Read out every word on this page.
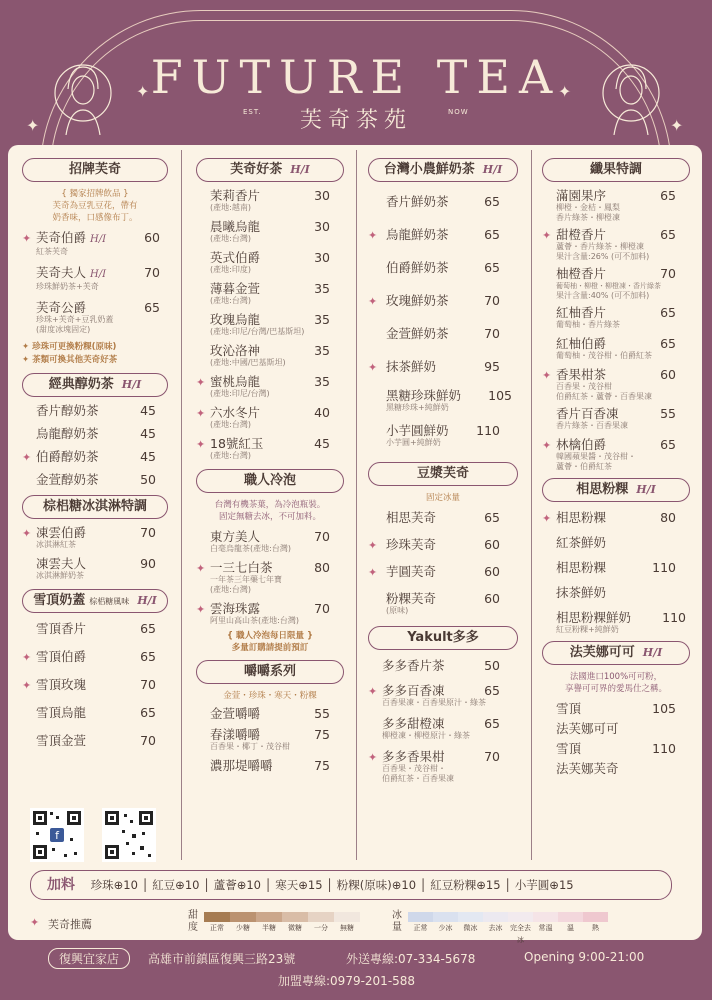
FUTURE TEA
芙奇茶苑
EST.	NOW
✦
✦
✦
✦
招牌芙奇
{ 獨家招牌飲品 }
芙奇為豆乳豆花，帶有
奶香味，口感像布丁。
✦ 芙奇伯爵 H/I	60
紅茶芙奇
芙奇夫人 H/I	70
珍珠鮮奶茶+芙奇
芙奇公爵	65
珍珠+芙奇+豆乳奶蓋
(甜度冰塊固定)
✦ 珍珠可更換粉粿(原味)
✦ 茶類可換其他芙奇好茶
經典醇奶茶 H/I
香片醇奶茶	45
烏龍醇奶茶	45
✦ 伯爵醇奶茶	45
金萱醇奶茶	50
棕梠糖冰淇淋特調
✦ 凍雲伯爵	70
冰淇淋紅茶
凍雲夫人	90
冰淇淋鮮奶茶
雪頂奶蓋 棕梠糖風味 H/I
雪頂香片	65
✦ 雪頂伯爵	65
✦ 雪頂玫瑰	70
雪頂烏龍	65
雪頂金萱	70
f
芙奇好茶 H/I
茉莉香片	30
(產地:越南)
晨曦烏龍	30
(產地:台灣)
英式伯爵	30
(產地:印度)
薄暮金萱	35
(產地:台灣)
玫瑰烏龍	35
(產地:印尼/台灣/巴基斯坦)
玫沁洛神	35
(產地:中國/巴基斯坦)
✦ 蜜桃烏龍	35
(產地:印尼/台灣)
✦ 六水冬片	40
(產地:台灣)
✦ 18號紅玉	45
(產地:台灣)
職人冷泡
台灣有機茶葉，為冷泡瓶裝。
固定無糖去冰，不可加料。
東方美人	70
白毫烏龍茶(產地:台灣)
✦ 一三七白茶	80
一年茶三年藥七年寶
(產地:台灣)
✦ 雲海珠露	70
阿里山高山茶(產地:台灣)
{ 職人冷泡每日限量 }
多量訂購請提前預訂
嚼嚼系列
金萱・珍珠・寒天・粉粿
金萱嚼嚼	55
春漾嚼嚼	75
百香果・椰丁・茂谷柑
濃那堤嚼嚼	75
台灣小農鮮奶茶 H/I
香片鮮奶茶	65
✦ 烏龍鮮奶茶	65
伯爵鮮奶茶	65
✦ 玫瑰鮮奶茶	70
金萱鮮奶茶	70
✦ 抹茶鮮奶	95
黑糖珍珠鮮奶 105
黑糖珍珠+純鮮奶
小芋圓鮮奶 110
小芋圓+純鮮奶
豆漿芙奇
固定冰量
相思芙奇	65
✦ 珍珠芙奇	60
✦ 芋圓芙奇	60
粉粿芙奇	60
(原味)
Yakult多多
多多香片茶	50
✦ 多多百香凍	65
百香果凍・百香果原汁・綠茶
多多甜橙凍	65
柳橙凍・柳橙原汁・綠茶
✦ 多多香果柑	70
百香果・茂谷柑・
伯爵紅茶・百香果凍
纖果特調
滿園果序	65
柳橙・金桔・鳳梨
香片綠茶・柳橙凍
✦ 甜橙香片	65
蘆薈・香片綠茶・柳橙凍
果汁含量:26% (可不加料)
柚橙香片	70
葡萄柚・柳橙・柳橙凍・香片綠茶
果汁含量:40% (可不加料)
紅柚香片	65
葡萄柚・香片綠茶
紅柚伯爵	65
葡萄柚・茂谷柑・伯爵紅茶
✦ 香果柑茶	60
百香果・茂谷柑
伯爵紅茶・蘆薈・百香果凍
香片百香凍	55
香片綠茶・百香果凍
✦ 林檎伯爵	65
韓國蘋果醬・茂谷柑・
蘆薈・伯爵紅茶
相思粉粿 H/I
✦ 相思粉粿	80
紅茶鮮奶
相思粉粿	110
抹茶鮮奶
相思粉粿鮮奶 110
紅豆粉粿+純鮮奶
法芙娜可可 H/I
法國進口100%可可粉，
享譽可可界的愛馬仕之稱。
雪頂	105
法芙娜可可
雪頂	110
法芙娜芙奇
加料 珍珠⊕10 │ 紅豆⊕10 │ 蘆薈⊕10 │ 寒天⊕15 │ 粉粿(原味)⊕10 │ 紅豆粉粿⊕15 │ 小芋圓⊕15
✦ 芙奇推薦
甜
度	正常	少糖	半糖	微糖	一分	無糖
冰
量	正常	少冰	微冰	去冰	完全去冰
常溫	溫	熱
復興宜家店	高雄市前鎮區復興三路23號	外送專線:07-334-5678	Opening 9:00-21:00
加盟專線:0979-201-588
